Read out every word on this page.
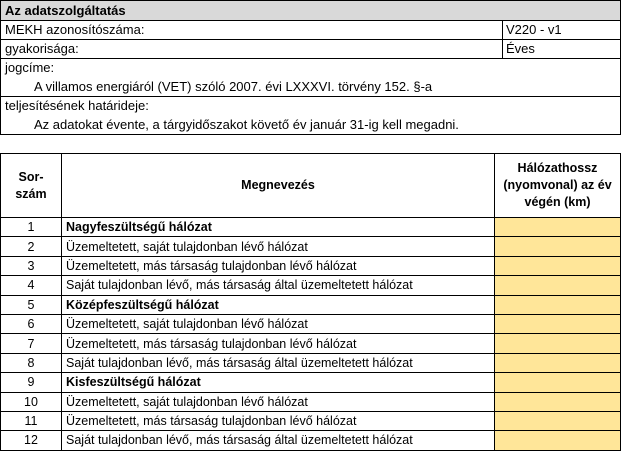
Az adatszolgáltatás
MEKH azonosítószáma:	V220 - v1
gyakorisága:	Éves
jogcíme:
A villamos energiáról (VET) szóló 2007. évi LXXXVI. törvény 152. §-a
teljesítésének határideje:
Az adatokat évente, a tárgyidőszakot követő év január 31-ig kell megadni.
Sor-
szám	Megnevezés	Hálózathossz (nyomvonal) az év végén (km)
1	Nagyfeszültségű hálózat	
2	Üzemeltetett, saját tulajdonban lévő hálózat	
3	Üzemeltetett, más társaság tulajdonban lévő hálózat	
4	Saját tulajdonban lévő, más társaság által üzemeltetett hálózat	
5	Középfeszültségű hálózat	
6	Üzemeltetett, saját tulajdonban lévő hálózat	
7	Üzemeltetett, más társaság tulajdonban lévő hálózat	
8	Saját tulajdonban lévő, más társaság által üzemeltetett hálózat	
9	Kisfeszültségű hálózat	
10	Üzemeltetett, saját tulajdonban lévő hálózat	
11	Üzemeltetett, más társaság tulajdonban lévő hálózat	
12	Saját tulajdonban lévő, más társaság által üzemeltetett hálózat	
